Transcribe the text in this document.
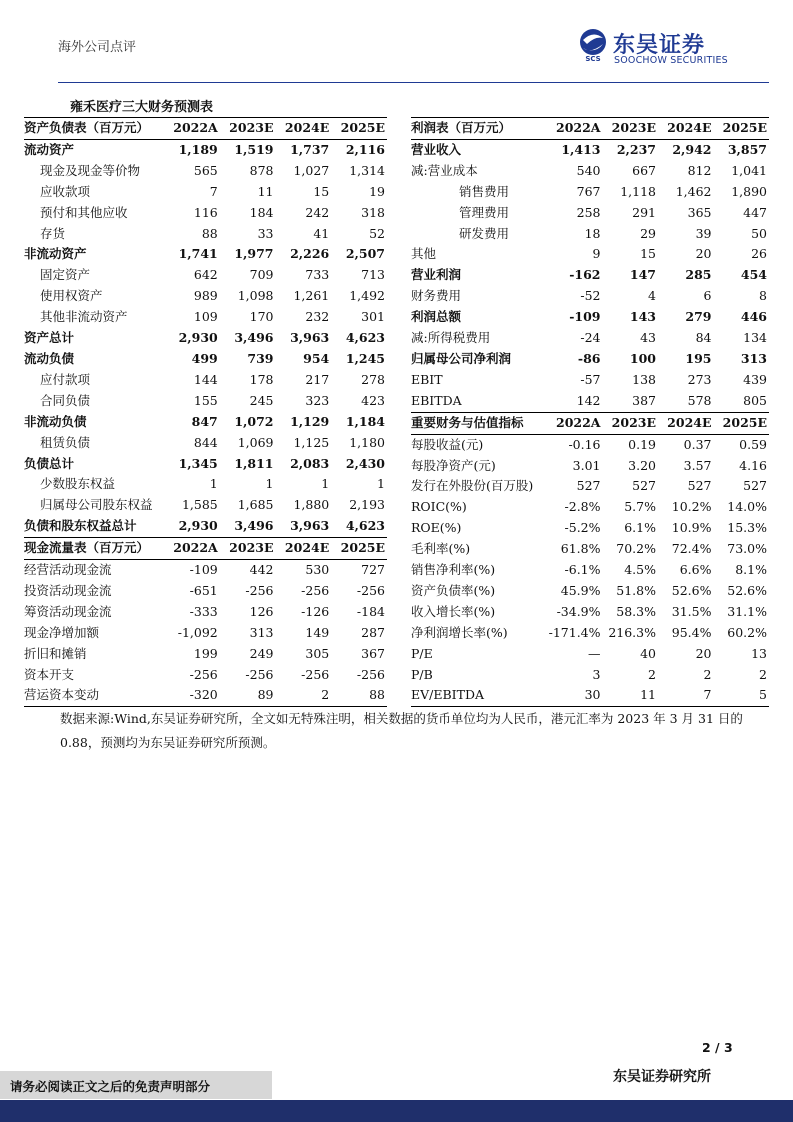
海外公司点评
SCS
东吴证券
SOOCHOW SECURITIES
雍禾医疗三大财务预测表
资产负债表（百万元）	2022A	2023E	2024E	2025E
流动资产	1,189	1,519	1,737	2,116
现金及现金等价物	565	878	1,027	1,314
应收款项	7	11	15	19
预付和其他应收	116	184	242	318
存货	88	33	41	52
非流动资产	1,741	1,977	2,226	2,507
固定资产	642	709	733	713
使用权资产	989	1,098	1,261	1,492
其他非流动资产	109	170	232	301
资产总计	2,930	3,496	3,963	4,623
流动负债	499	739	954	1,245
应付款项	144	178	217	278
合同负债	155	245	323	423
非流动负债	847	1,072	1,129	1,184
租赁负债	844	1,069	1,125	1,180
负债总计	1,345	1,811	2,083	2,430
少数股东权益	1	1	1	1
归属母公司股东权益	1,585	1,685	1,880	2,193
负债和股东权益总计	2,930	3,496	3,963	4,623
现金流量表（百万元）	2022A	2023E	2024E	2025E
经营活动现金流	-109	442	530	727
投资活动现金流	-651	-256	-256	-256
筹资活动现金流	-333	126	-126	-184
现金净增加额	-1,092	313	149	287
折旧和摊销	199	249	305	367
资本开支	-256	-256	-256	-256
营运资本变动	-320	89	2	88
利润表（百万元）	2022A	2023E	2024E	2025E
营业收入	1,413	2,237	2,942	3,857
减:营业成本	540	667	812	1,041
销售费用	767	1,118	1,462	1,890
管理费用	258	291	365	447
研发费用	18	29	39	50
其他	9	15	20	26
营业利润	-162	147	285	454
财务费用	-52	4	6	8
利润总额	-109	143	279	446
减:所得税费用	-24	43	84	134
归属母公司净利润	-86	100	195	313
EBIT	-57	138	273	439
EBITDA	142	387	578	805
重要财务与估值指标	2022A	2023E	2024E	2025E
每股收益(元)	-0.16	0.19	0.37	0.59
每股净资产(元)	3.01	3.20	3.57	4.16
发行在外股份(百万股)	527	527	527	527
ROIC(%)	-2.8%	5.7%	10.2%	14.0%
ROE(%)	-5.2%	6.1%	10.9%	15.3%
毛利率(%)	61.8%	70.2%	72.4%	73.0%
销售净利率(%)	-6.1%	4.5%	6.6%	8.1%
资产负债率(%)	45.9%	51.8%	52.6%	52.6%
收入增长率(%)	-34.9%	58.3%	31.5%	31.1%
净利润增长率(%)	-171.4%	216.3%	95.4%	60.2%
P/E	—	40	20	13
P/B	3	2	2	2
EV/EBITDA	30	11	7	5

数据来源:Wind,东吴证券研究所，全文如无特殊注明，相关数据的货币单位均为人民币，港元汇率为 2023 年 3 月 31 日的 0.88，预测均为东吴证券研究所预测。

2 / 3
请务必阅读正文之后的免责声明部分
东吴证券研究所
